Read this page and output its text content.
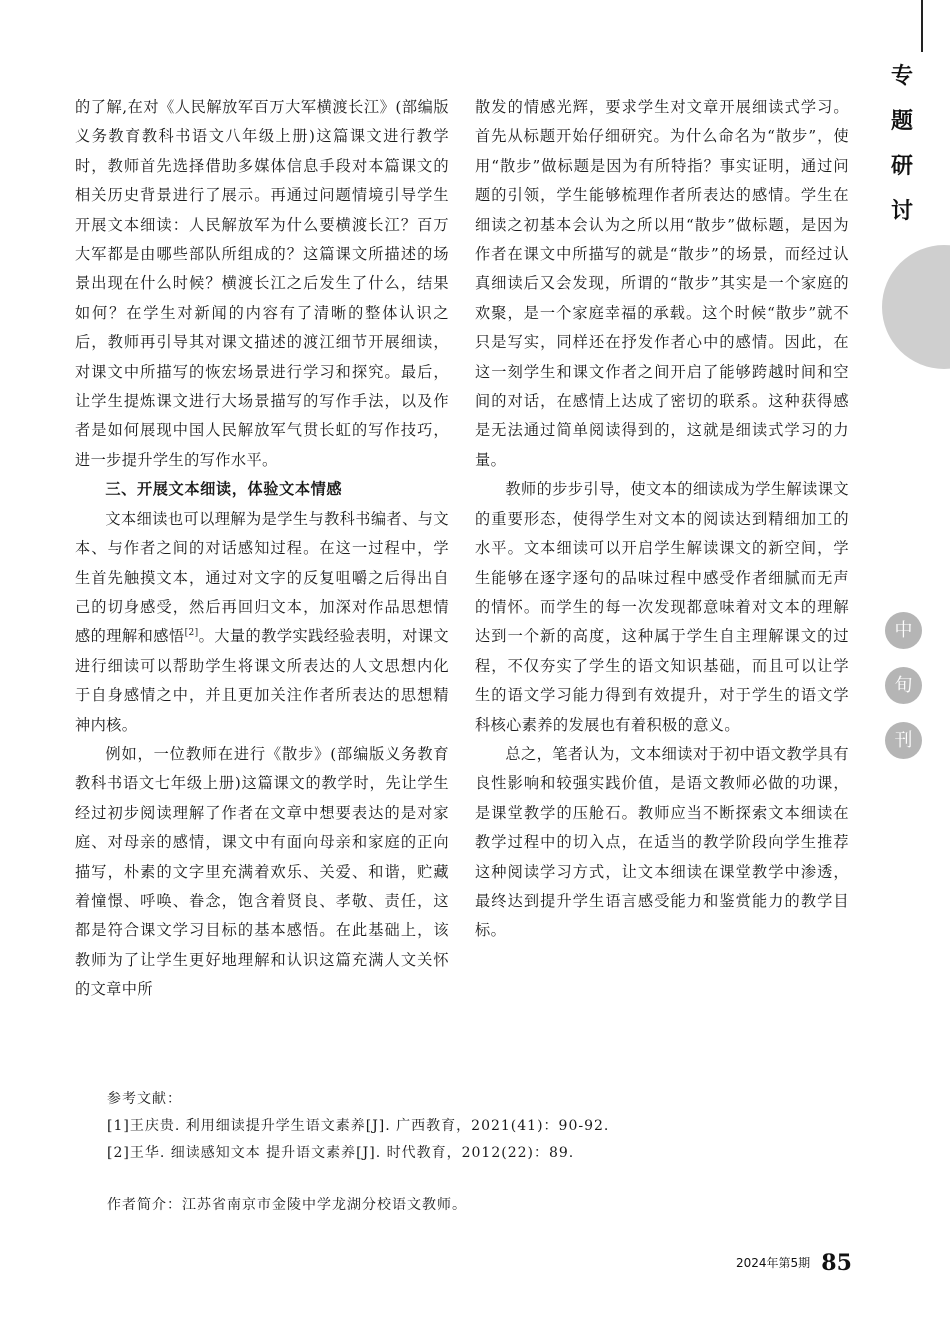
专
题
研
讨
中
旬
刊

的了解,在对《人民解放军百万大军横渡长江》(部编版义务教育教科书语文八年级上册)这篇课文进行教学时，教师首先选择借助多媒体信息手段对本篇课文的相关历史背景进行了展示。再通过问题情境引导学生开展文本细读：人民解放军为什么要横渡长江？百万大军都是由哪些部队所组成的？这篇课文所描述的场景出现在什么时候？横渡长江之后发生了什么，结果如何？在学生对新闻的内容有了清晰的整体认识之后，教师再引导其对课文描述的渡江细节开展细读，对课文中所描写的恢宏场景进行学习和探究。最后，让学生提炼课文进行大场景描写的写作手法，以及作者是如何展现中国人民解放军气贯长虹的写作技巧，进一步提升学生的写作水平。

三、开展文本细读，体验文本情感

文本细读也可以理解为是学生与教科书编者、与文本、与作者之间的对话感知过程。在这一过程中，学生首先触摸文本，通过对文字的反复咀嚼之后得出自己的切身感受，然后再回归文本，加深对作品思想情感的理解和感悟[2]。大量的教学实践经验表明，对课文进行细读可以帮助学生将课文所表达的人文思想内化于自身感情之中，并且更加关注作者所表达的思想精神内核。

例如，一位教师在进行《散步》(部编版义务教育教科书语文七年级上册)这篇课文的教学时，先让学生经过初步阅读理解了作者在文章中想要表达的是对家庭、对母亲的感情，课文中有面向母亲和家庭的正向描写，朴素的文字里充满着欢乐、关爱、和谐，贮藏着憧憬、呼唤、眷念，饱含着贤良、孝敬、责任，这都是符合课文学习目标的基本感悟。在此基础上，该教师为了让学生更好地理解和认识这篇充满人文关怀的文章中所

散发的情感光辉，要求学生对文章开展细读式学习。首先从标题开始仔细研究。为什么命名为“散步”，使用“散步”做标题是因为有所特指？事实证明，通过问题的引领，学生能够梳理作者所表达的感情。学生在细读之初基本会认为之所以用“散步”做标题，是因为作者在课文中所描写的就是“散步”的场景，而经过认真细读后又会发现，所谓的“散步”其实是一个家庭的欢聚，是一个家庭幸福的承载。这个时候“散步”就不只是写实，同样还在抒发作者心中的感情。因此，在这一刻学生和课文作者之间开启了能够跨越时间和空间的对话，在感情上达成了密切的联系。这种获得感是无法通过简单阅读得到的，这就是细读式学习的力量。

教师的步步引导，使文本的细读成为学生解读课文的重要形态，使得学生对文本的阅读达到精细加工的水平。文本细读可以开启学生解读课文的新空间，学生能够在逐字逐句的品味过程中感受作者细腻而无声的情怀。而学生的每一次发现都意味着对文本的理解达到一个新的高度，这种属于学生自主理解课文的过程，不仅夯实了学生的语文知识基础，而且可以让学生的语文学习能力得到有效提升，对于学生的语文学科核心素养的发展也有着积极的意义。

总之，笔者认为，文本细读对于初中语文教学具有良性影响和较强实践价值，是语文教师必做的功课，是课堂教学的压舱石。教师应当不断探索文本细读在教学过程中的切入点，在适当的教学阶段向学生推荐这种阅读学习方式，让文本细读在课堂教学中渗透，最终达到提升学生语言感受能力和鉴赏能力的教学目标。

参考文献：

[1]王庆贵. 利用细读提升学生语文素养[J]. 广西教育，2021(41)：90-92.

[2]王华. 细读感知文本 提升语文素养[J]. 时代教育，2012(22)：89.

作者简介：江苏省南京市金陵中学龙湖分校语文教师。
2024年第5期 85
